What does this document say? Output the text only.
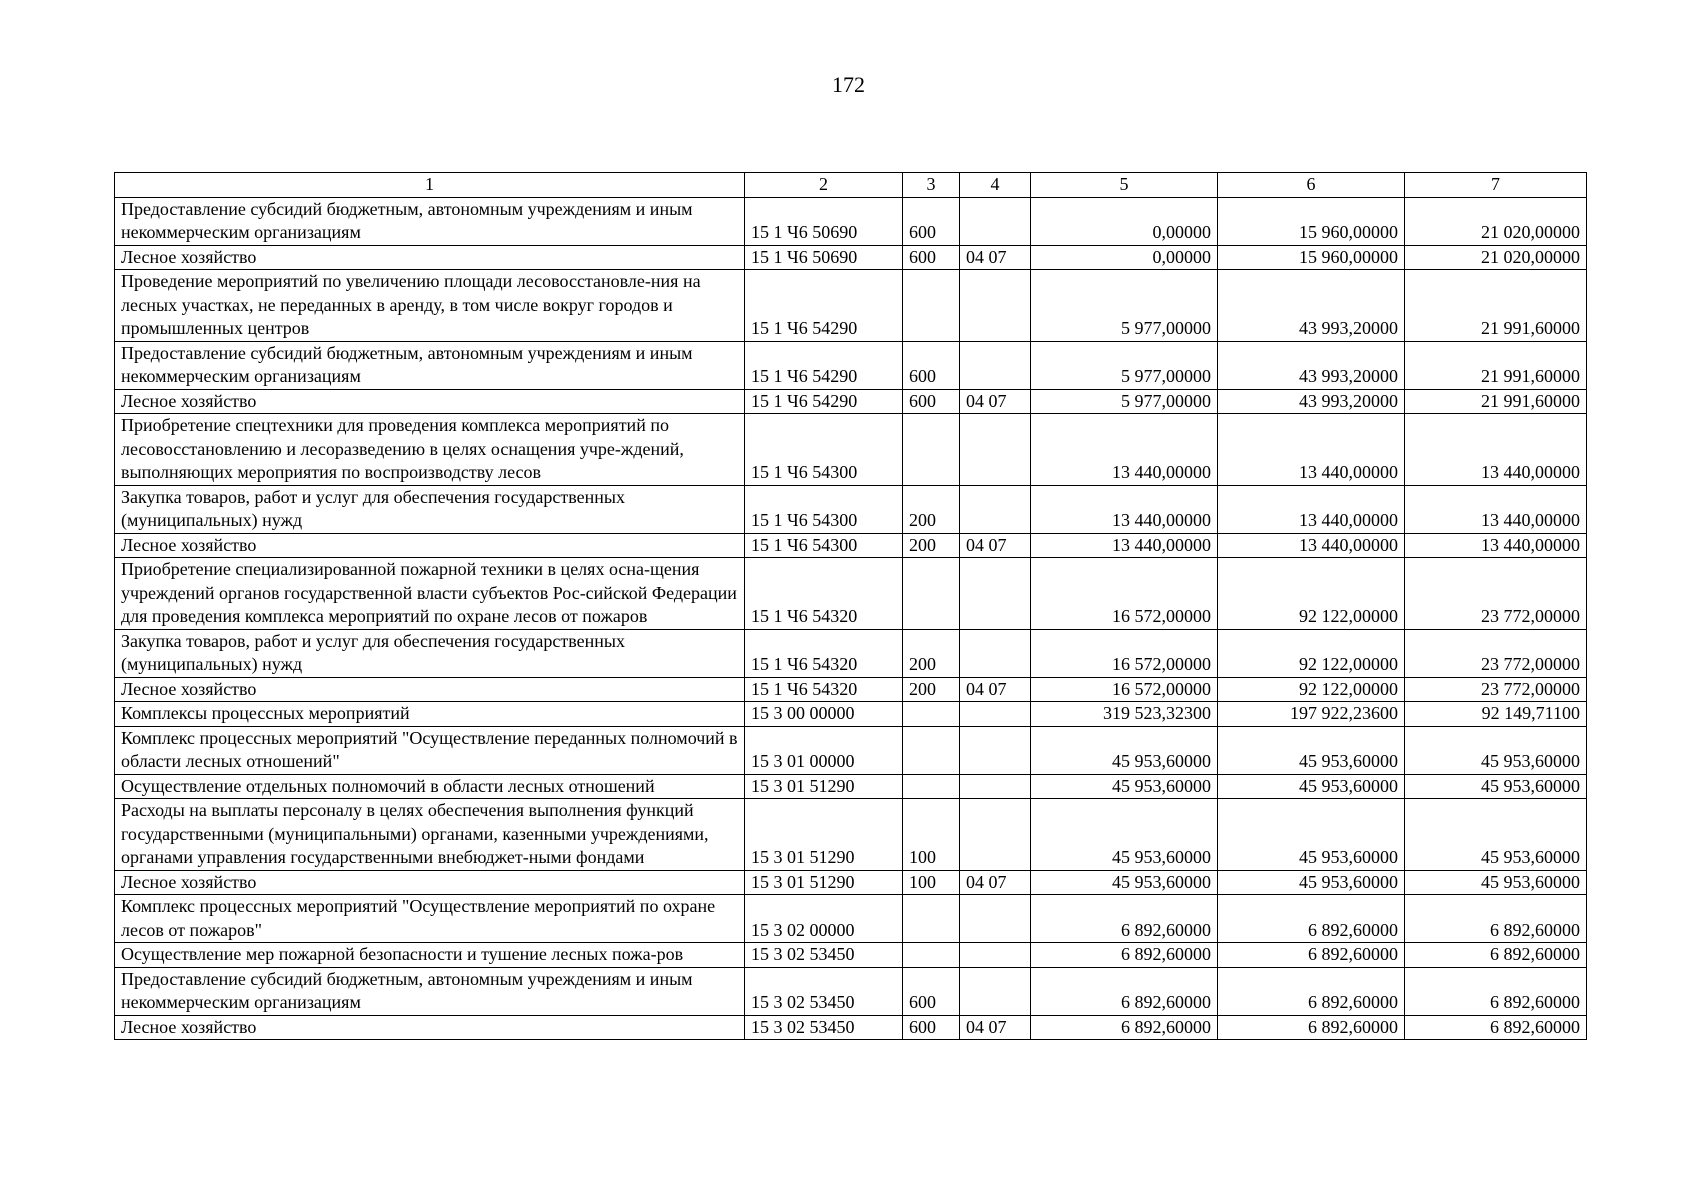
172
1	2	3	4	5	6	7
Предоставление субсидий бюджетным, автономным учреждениям и иным некоммерческим организациям	15 1 Ч6 50690	600		0,00000	15 960,00000	21 020,00000
Лесное хозяйство	15 1 Ч6 50690	600	04 07	0,00000	15 960,00000	21 020,00000
Проведение мероприятий по увеличению площади лесовосстановле-ния на лесных участках, не переданных в аренду, в том числе вокруг городов и промышленных центров	15 1 Ч6 54290			5 977,00000	43 993,20000	21 991,60000
Предоставление субсидий бюджетным, автономным учреждениям и иным некоммерческим организациям	15 1 Ч6 54290	600		5 977,00000	43 993,20000	21 991,60000
Лесное хозяйство	15 1 Ч6 54290	600	04 07	5 977,00000	43 993,20000	21 991,60000
Приобретение спецтехники для проведения комплекса мероприятий по лесовосстановлению и лесоразведению в целях оснащения учре-ждений, выполняющих мероприятия по воспроизводству лесов	15 1 Ч6 54300			13 440,00000	13 440,00000	13 440,00000
Закупка товаров, работ и услуг для обеспечения государственных (муниципальных) нужд	15 1 Ч6 54300	200		13 440,00000	13 440,00000	13 440,00000
Лесное хозяйство	15 1 Ч6 54300	200	04 07	13 440,00000	13 440,00000	13 440,00000
Приобретение специализированной пожарной техники в целях осна-щения учреждений органов государственной власти субъектов Рос-сийской Федерации для проведения комплекса мероприятий по охране лесов от пожаров	15 1 Ч6 54320			16 572,00000	92 122,00000	23 772,00000
Закупка товаров, работ и услуг для обеспечения государственных (муниципальных) нужд	15 1 Ч6 54320	200		16 572,00000	92 122,00000	23 772,00000
Лесное хозяйство	15 1 Ч6 54320	200	04 07	16 572,00000	92 122,00000	23 772,00000
Комплексы процессных мероприятий	15 3 00 00000			319 523,32300	197 922,23600	92 149,71100
Комплекс процессных мероприятий "Осуществление переданных полномочий в области лесных отношений"	15 3 01 00000			45 953,60000	45 953,60000	45 953,60000
Осуществление отдельных полномочий в области лесных отношений	15 3 01 51290			45 953,60000	45 953,60000	45 953,60000
Расходы на выплаты персоналу в целях обеспечения выполнения функций государственными (муниципальными) органами, казенными учреждениями, органами управления государственными внебюджет-ными фондами	15 3 01 51290	100		45 953,60000	45 953,60000	45 953,60000
Лесное хозяйство	15 3 01 51290	100	04 07	45 953,60000	45 953,60000	45 953,60000
Комплекс процессных мероприятий "Осуществление мероприятий по охране лесов от пожаров"	15 3 02 00000			6 892,60000	6 892,60000	6 892,60000
Осуществление мер пожарной безопасности и тушение лесных пожа-ров	15 3 02 53450			6 892,60000	6 892,60000	6 892,60000
Предоставление субсидий бюджетным, автономным учреждениям и иным некоммерческим организациям	15 3 02 53450	600		6 892,60000	6 892,60000	6 892,60000
Лесное хозяйство	15 3 02 53450	600	04 07	6 892,60000	6 892,60000	6 892,60000
